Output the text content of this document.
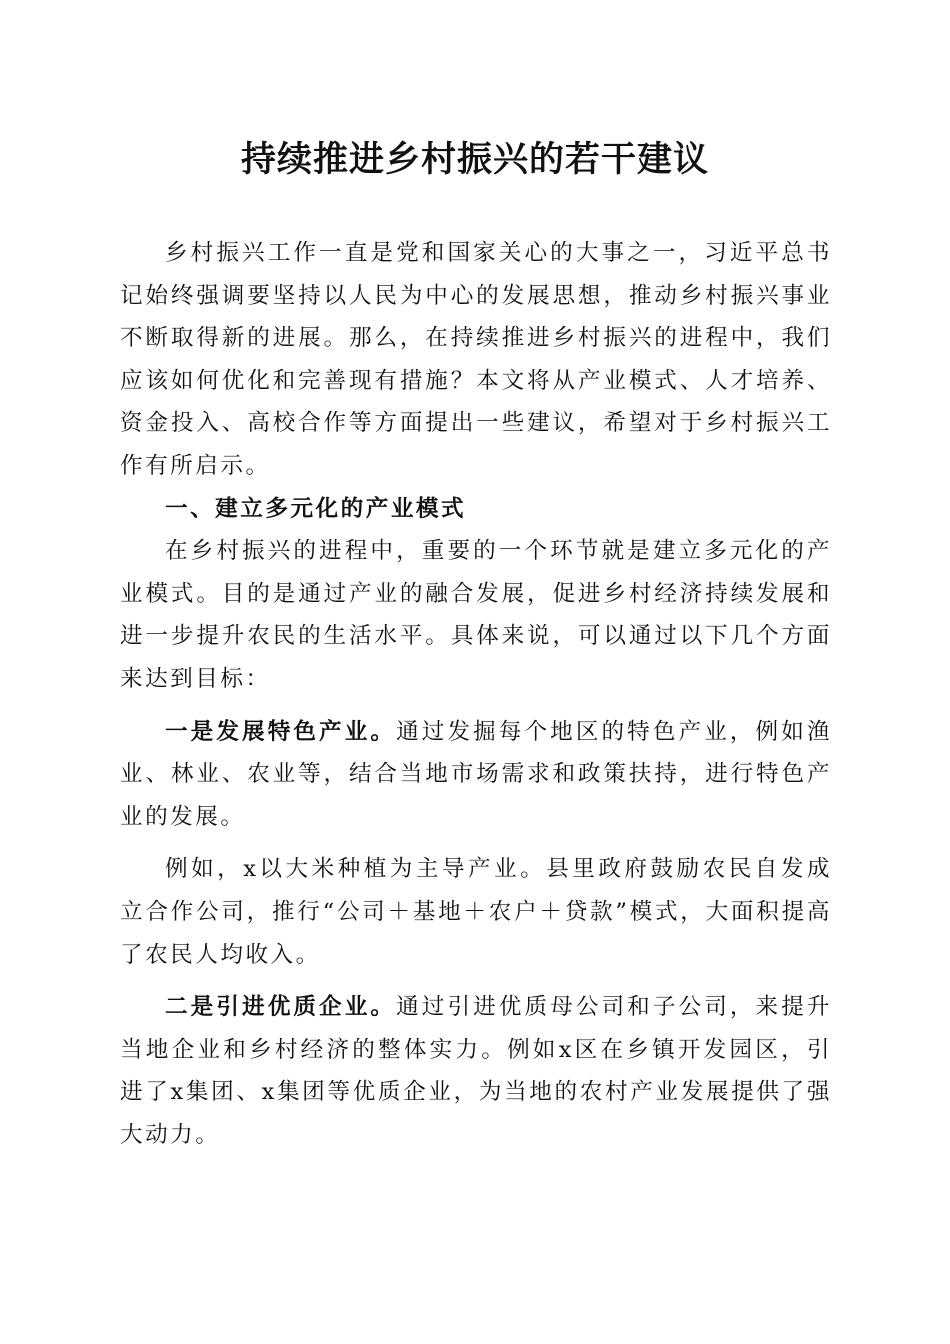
持续推进乡村振兴的若干建议

乡村振兴工作一直是党和国家关心的大事之一，习近平总书记始终强调要坚持以人民为中心的发展思想，推动乡村振兴事业不断取得新的进展。那么，在持续推进乡村振兴的进程中，我们应该如何优化和完善现有措施？本文将从产业模式、人才培养、资金投入、高校合作等方面提出一些建议，希望对于乡村振兴工作有所启示。

一、建立多元化的产业模式

在乡村振兴的进程中，重要的一个环节就是建立多元化的产业模式。目的是通过产业的融合发展，促进乡村经济持续发展和进一步提升农民的生活水平。具体来说，可以通过以下几个方面来达到目标：

一是发展特色产业。通过发掘每个地区的特色产业，例如渔业、林业、农业等，结合当地市场需求和政策扶持，进行特色产业的发展。

例如，x以大米种植为主导产业。县里政府鼓励农民自发成立合作公司，推行“公司＋基地＋农户＋贷款”模式，大面积提高了农民人均收入。

二是引进优质企业。通过引进优质母公司和子公司，来提升当地企业和乡村经济的整体实力。例如x区在乡镇开发园区，引进了x集团、x集团等优质企业，为当地的农村产业发展提供了强大动力。
